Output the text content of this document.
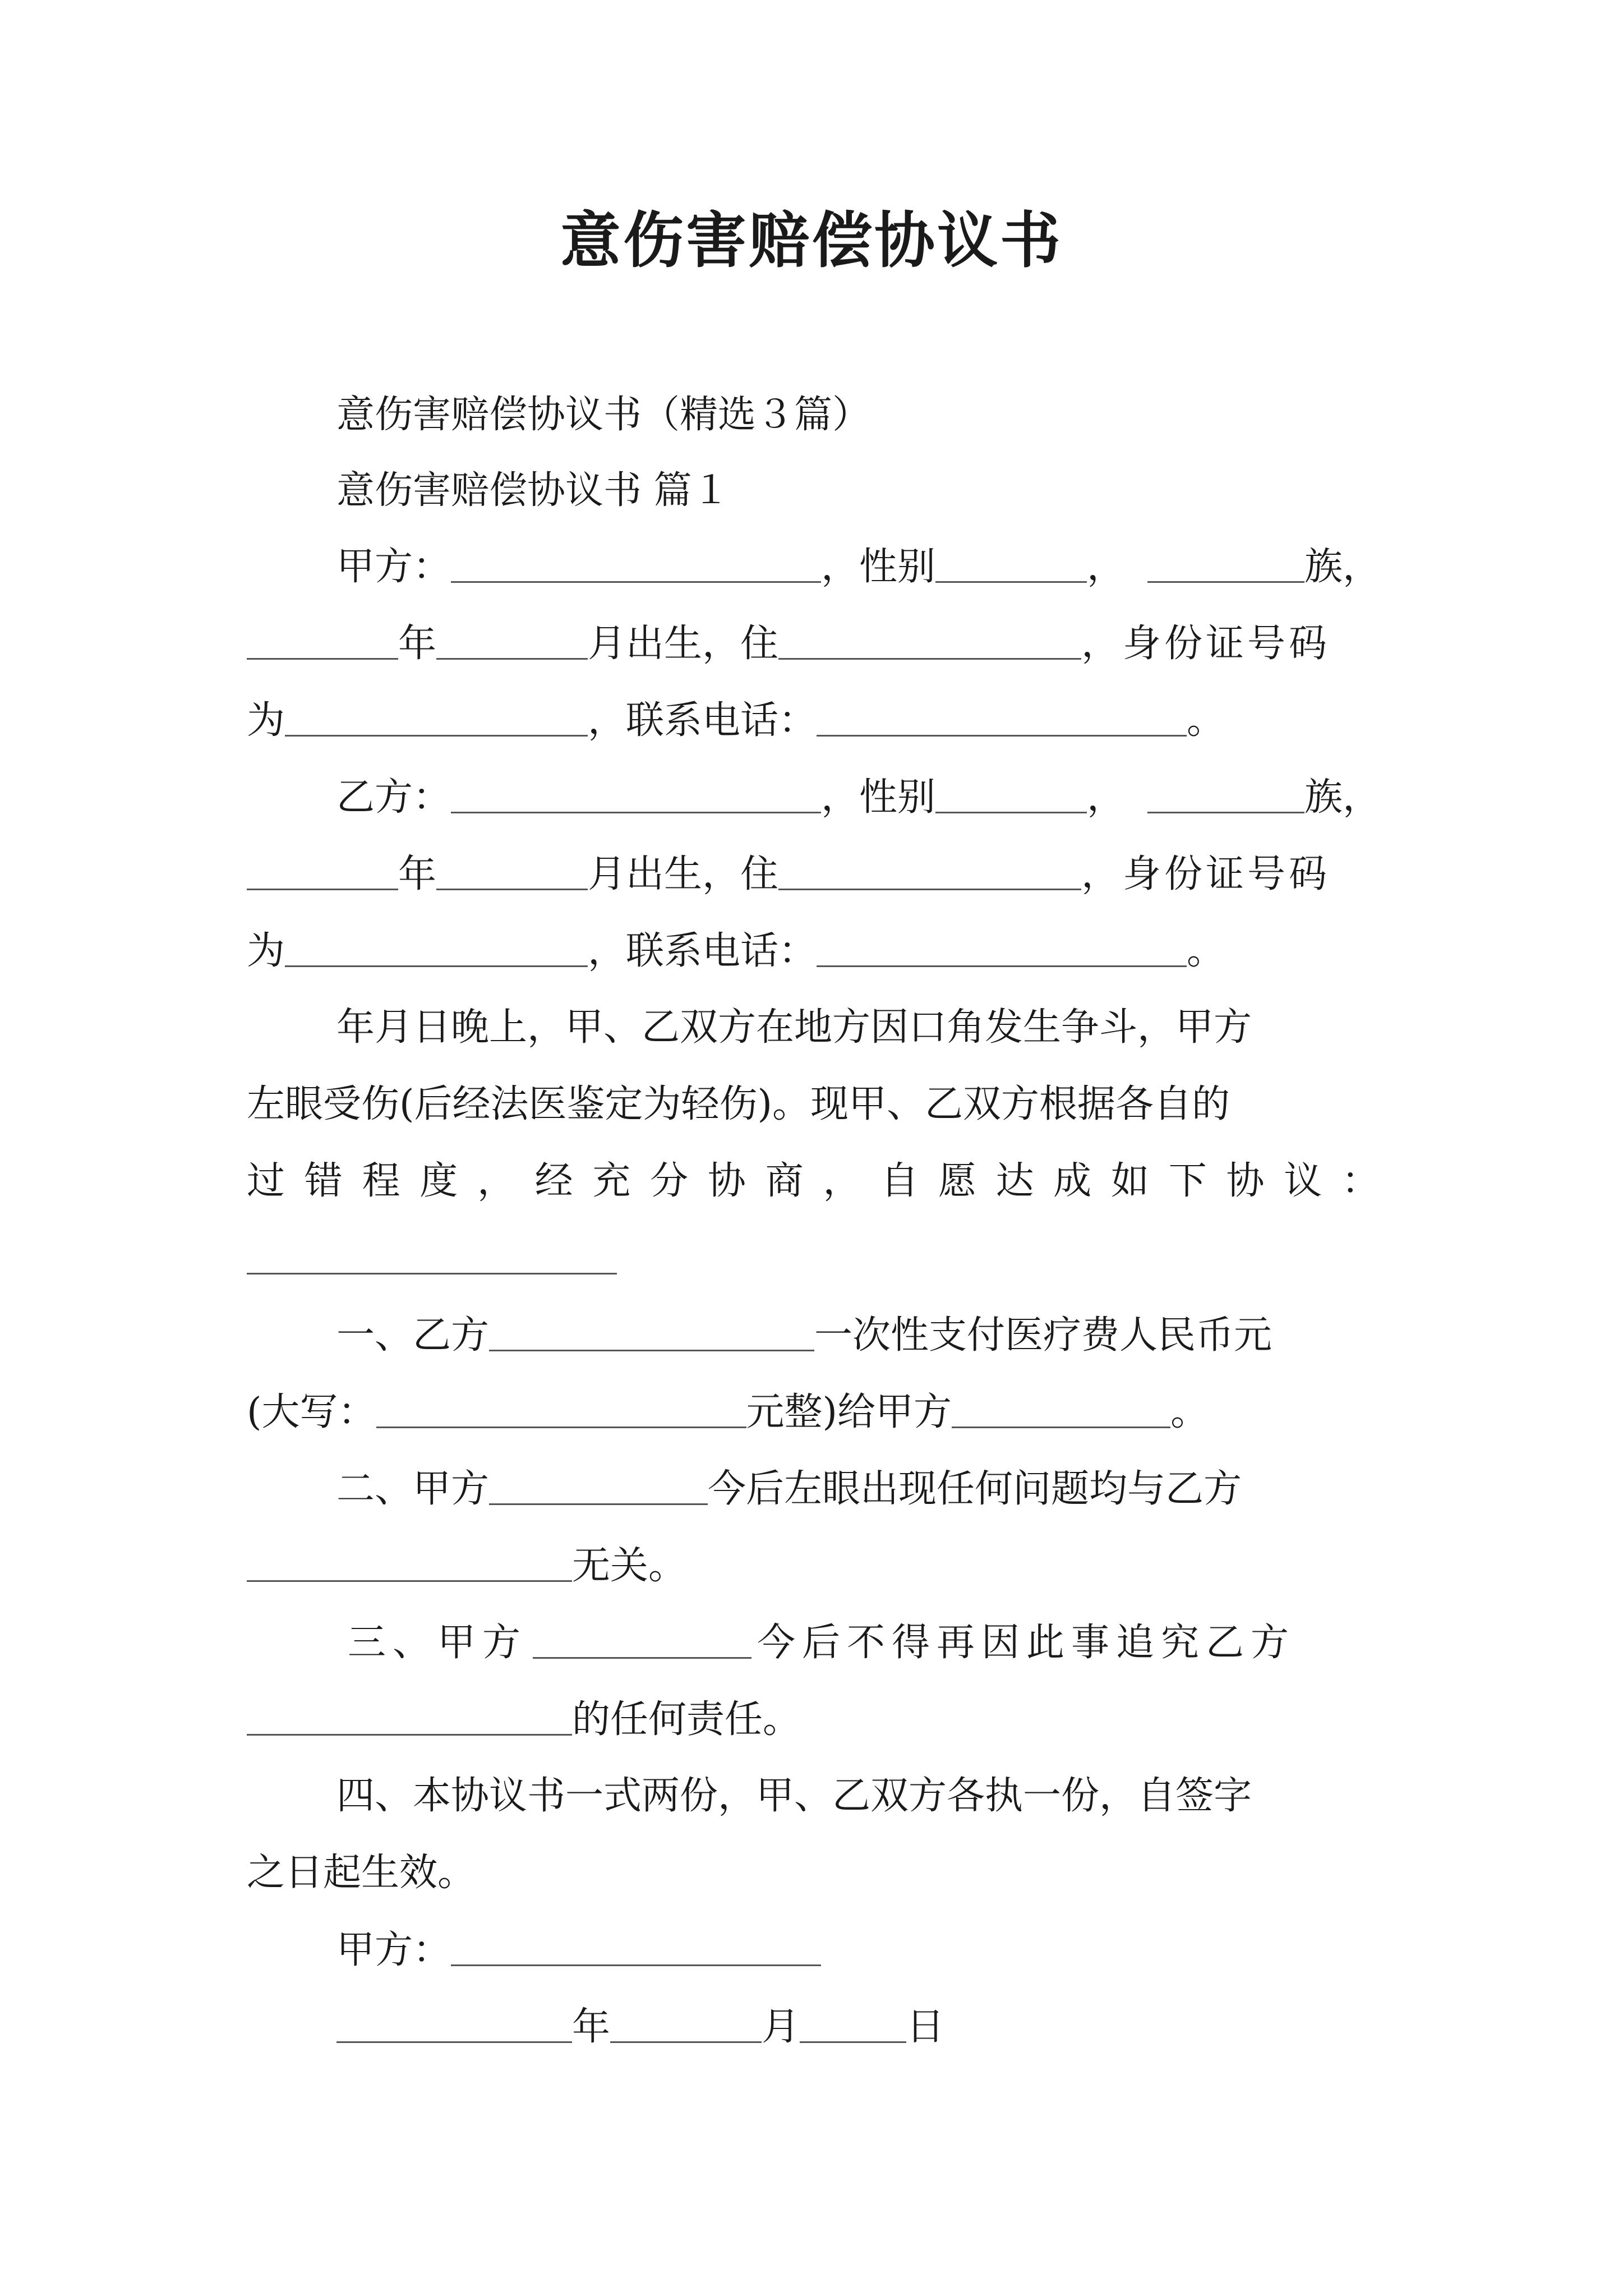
意伤害赔偿协议书
意伤害赔偿协议书（精选３篇）
意伤害赔偿协议书 篇１
甲方：	，性别	，	族，
年	月出生，住	，身份证号码
为	，联系电话：	。
乙方：	，性别	，	族，
年	月出生，住	，身份证号码
为	，联系电话：	。
年月日晚上，甲、乙双方在地方因口角发生争斗，甲方
左眼受伤(后经法医鉴定为轻伤)。现甲、乙双方根据各自的
过 错 程 度 ， 经 充 分 协 商 ， 自 愿 达 成 如 下 协 议 ：
一、乙方	一次性支付医疗费人民币元
(大写：	元整)给甲方	。
二、甲方	今后左眼出现任何问题均与乙方
无关。
三、甲方	今后不得再因此事追究乙方
的任何责任。
四、本协议书一式两份，甲、乙双方各执一份，自签字
之日起生效。
甲方：
年	月	日
